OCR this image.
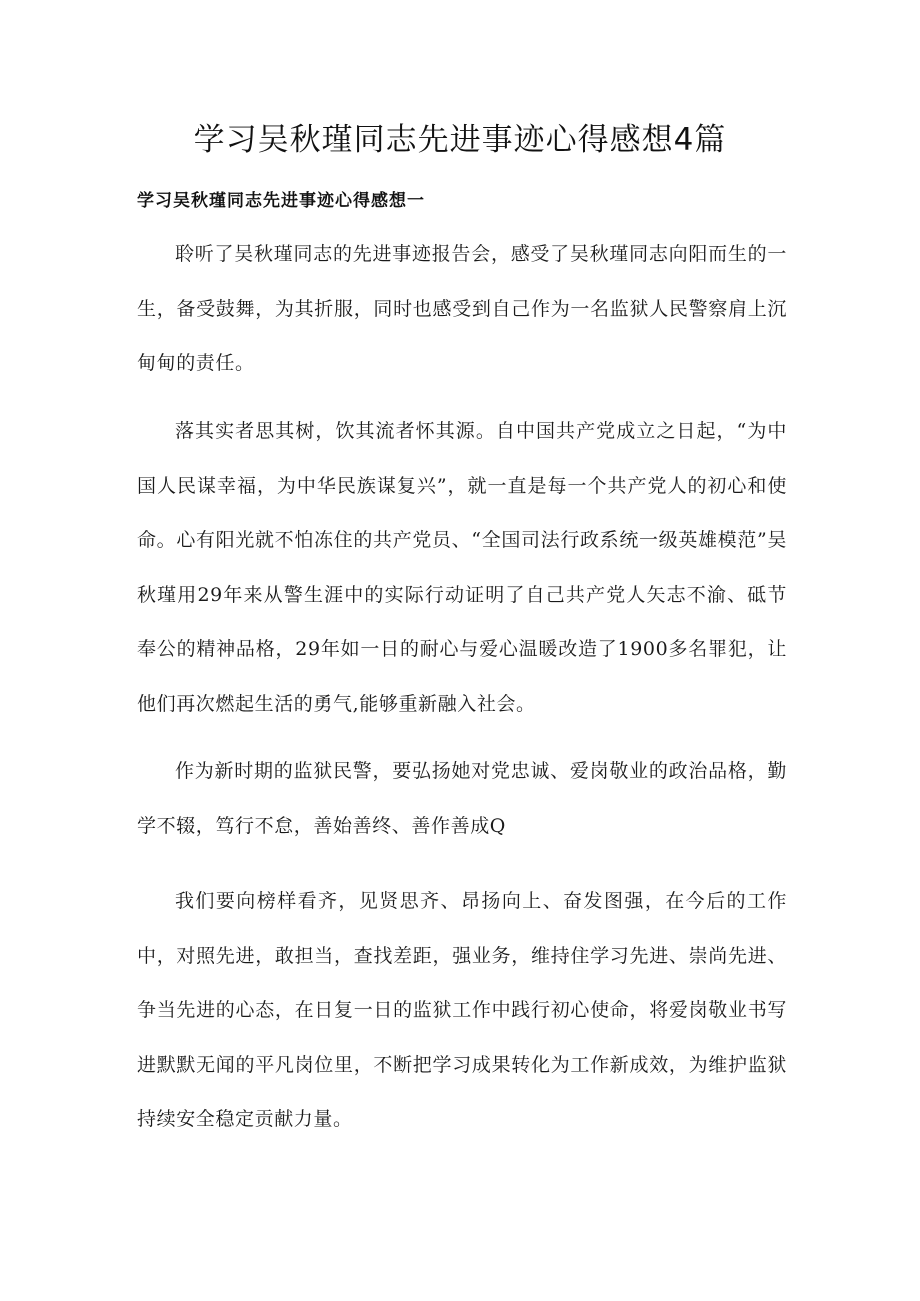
学习吴秋瑾同志先进事迹心得感想4篇
学习吴秋瑾同志先进事迹心得感想一

聆听了吴秋瑾同志的先进事迹报告会，感受了吴秋瑾同志向阳而生的一生，备受鼓舞，为其折服，同时也感受到自己作为一名监狱人民警察肩上沉甸甸的责任。

落其实者思其树，饮其流者怀其源。自中国共产党成立之日起，“为中国人民谋幸福，为中华民族谋复兴”，就一直是每一个共产党人的初心和使命。心有阳光就不怕冻住的共产党员、“全国司法行政系统一级英雄模范”吴秋瑾用29年来从警生涯中的实际行动证明了自己共产党人矢志不渝、砥节奉公的精神品格，29年如一日的耐心与爱心温暖改造了1900多名罪犯，让他们再次燃起生活的勇气,能够重新融入社会。

作为新时期的监狱民警，要弘扬她对党忠诚、爱岗敬业的政治品格，勤学不辍，笃行不怠，善始善终、善作善成Q

我们要向榜样看齐，见贤思齐、昂扬向上、奋发图强，在今后的工作中，对照先进，敢担当，查找差距，强业务，维持住学习先进、崇尚先进、争当先进的心态，在日复一日的监狱工作中践行初心使命，将爱岗敬业书写进默默无闻的平凡岗位里，不断把学习成果转化为工作新成效，为维护监狱持续安全稳定贡献力量。
